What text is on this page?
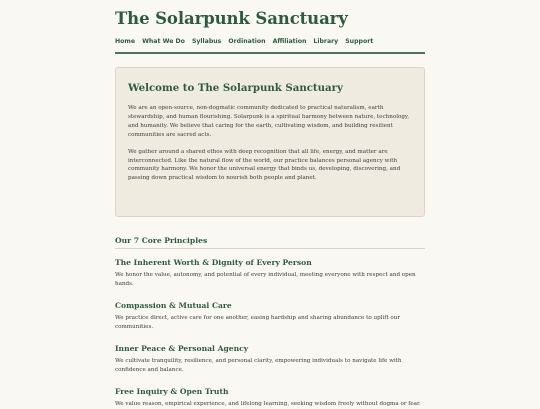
The Solarpunk Sanctuary
Home What We Do Syllabus Ordination Affiliation Library Support
Welcome to The Solarpunk Sanctuary

We are an open-source, non-dogmatic community dedicated to practical naturalism, earth stewardship, and human flourishing. Solarpunk is a spiritual harmony between nature, technology, and humanity. We believe that caring for the earth, cultivating wisdom, and building resilient communities are sacred acts.

We gather around a shared ethos with deep recognition that all life, energy, and matter are interconnected. Like the natural flow of the world, our practice balances personal agency with community harmony. We honor the universal energy that binds us, developing, discovering, and passing down practical wisdom to nourish both people and planet.

Our 7 Core Principles
The Inherent Worth & Dignity of Every Person

We honor the value, autonomy, and potential of every individual, meeting everyone with respect and open hands.

Compassion & Mutual Care

We practice direct, active care for one another, easing hardship and sharing abundance to uplift our communities.

Inner Peace & Personal Agency

We cultivate tranquility, resilience, and personal clarity, empowering individuals to navigate life with confidence and balance.

Free Inquiry & Open Truth

We value reason, empirical experience, and lifelong learning, seeking wisdom freely without dogma or fear.
